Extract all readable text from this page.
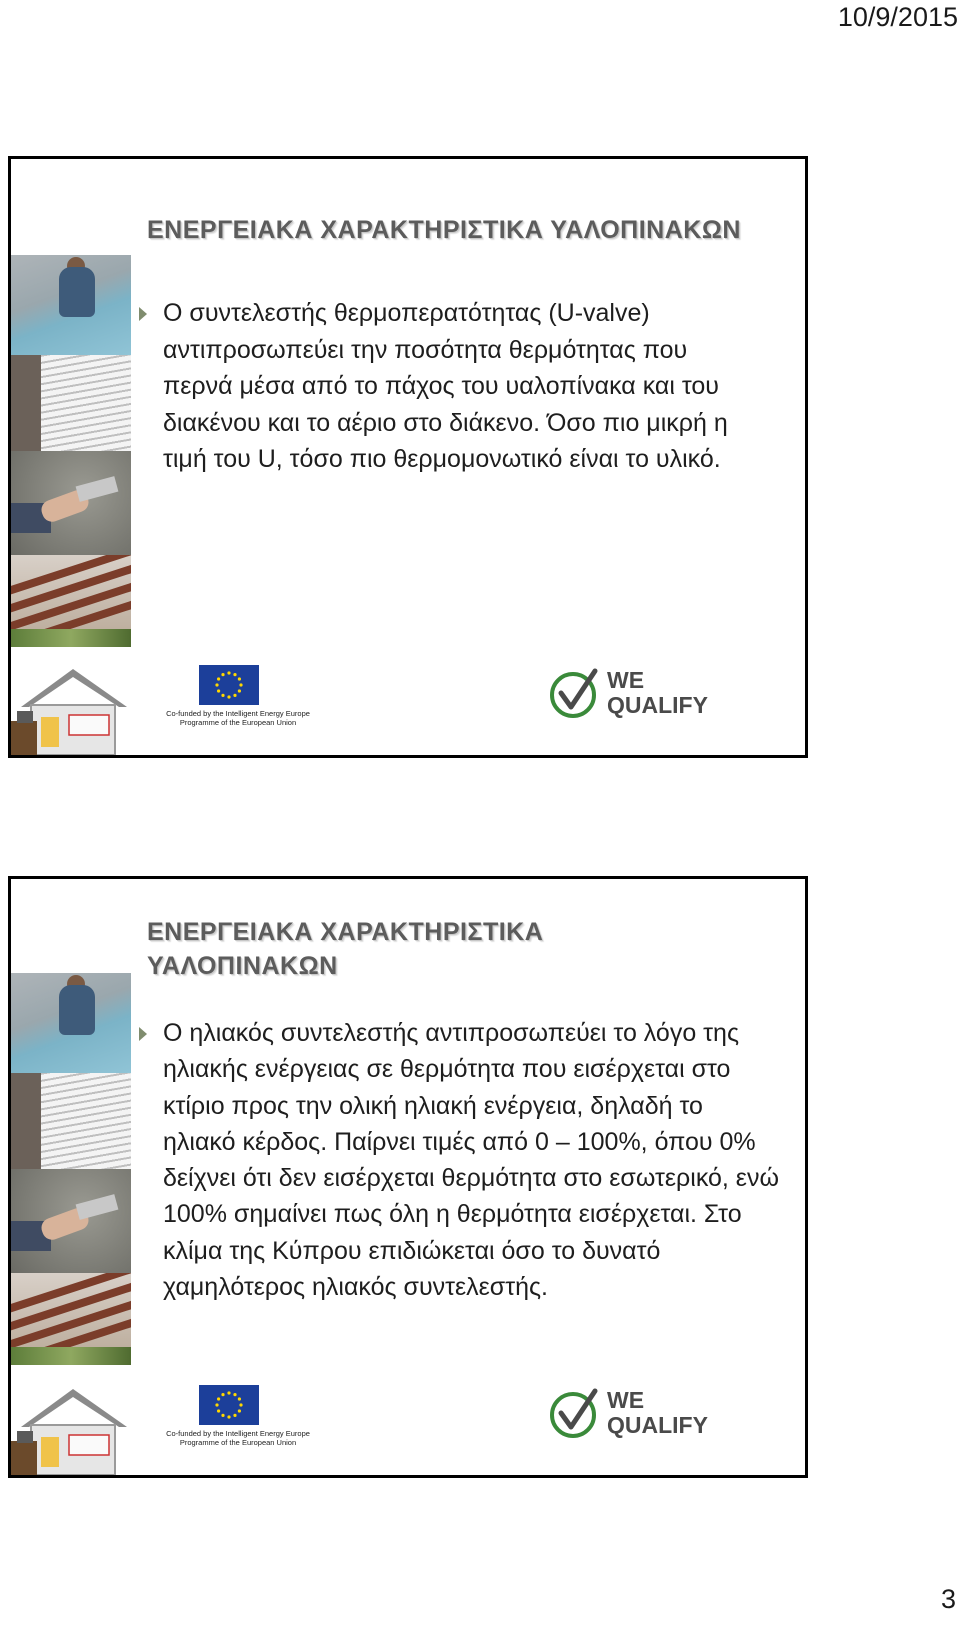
10/9/2015
ΕΝΕΡΓΕΙΑΚΑ ΧΑΡΑΚΤΗΡΙΣΤΙΚΑ ΥΑΛΟΠΙΝΑΚΩΝ
Ο συντελεστής θερμοπερατότητας (U-valve) αντιπροσωπεύει την ποσότητα θερμότητας που περνά μέσα από το πάχος του υαλοπίνακα και του διακένου και το αέριο στο διάκενο. Όσο πιο μικρή η τιμή του U, τόσο πιο θερμομονωτικό είναι το υλικό.
Co-funded by the Intelligent Energy Europe
Programme of the European Union
WE
QUALIFY
ΕΝΕΡΓΕΙΑΚΑ ΧΑΡΑΚΤΗΡΙΣΤΙΚΑ ΥΑΛΟΠΙΝΑΚΩΝ
Ο ηλιακός συντελεστής αντιπροσωπεύει το λόγο της ηλιακής ενέργειας σε θερμότητα που εισέρχεται στο κτίριο προς την ολική ηλιακή ενέργεια, δηλαδή το ηλιακό κέρδος. Παίρνει τιμές από 0 – 100%, όπου 0% δείχνει ότι δεν εισέρχεται θερμότητα στο εσωτερικό, ενώ 100% σημαίνει πως όλη η θερμότητα εισέρχεται. Στο κλίμα της Κύπρου επιδιώκεται όσο το δυνατό χαμηλότερος ηλιακός συντελεστής.
Co-funded by the Intelligent Energy Europe
Programme of the European Union
WE
QUALIFY
3
